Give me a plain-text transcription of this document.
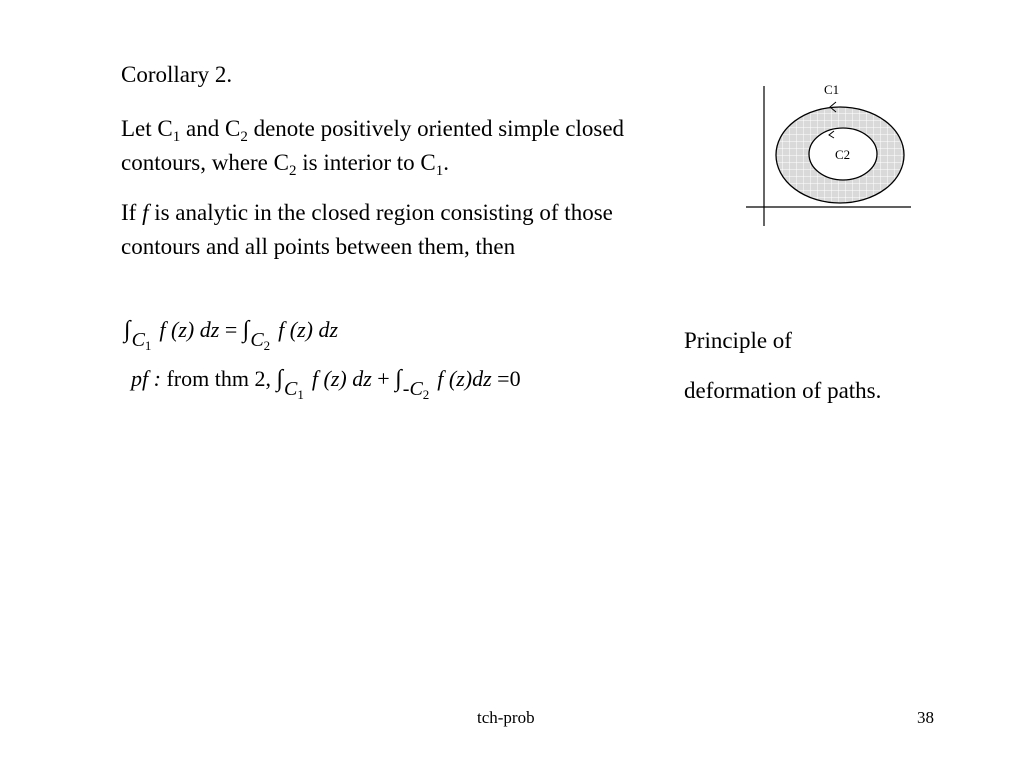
Corollary 2.

Let $C_1$ and $C_2$ denote positively oriented simple closed contours, where $C_2$ is interior to $C_1$.

If f is analytic in the closed region consisting of those contours and all points between them, then

$\int C_1f$ (z) dz = $\int C_2f$ (z) dz
pf : from thm 2, $\int C_1f$ (z) dz + $\int-C_2f$ (z)dz =0
Principle of
deformation of paths.
C1
C2
tch-prob	38
